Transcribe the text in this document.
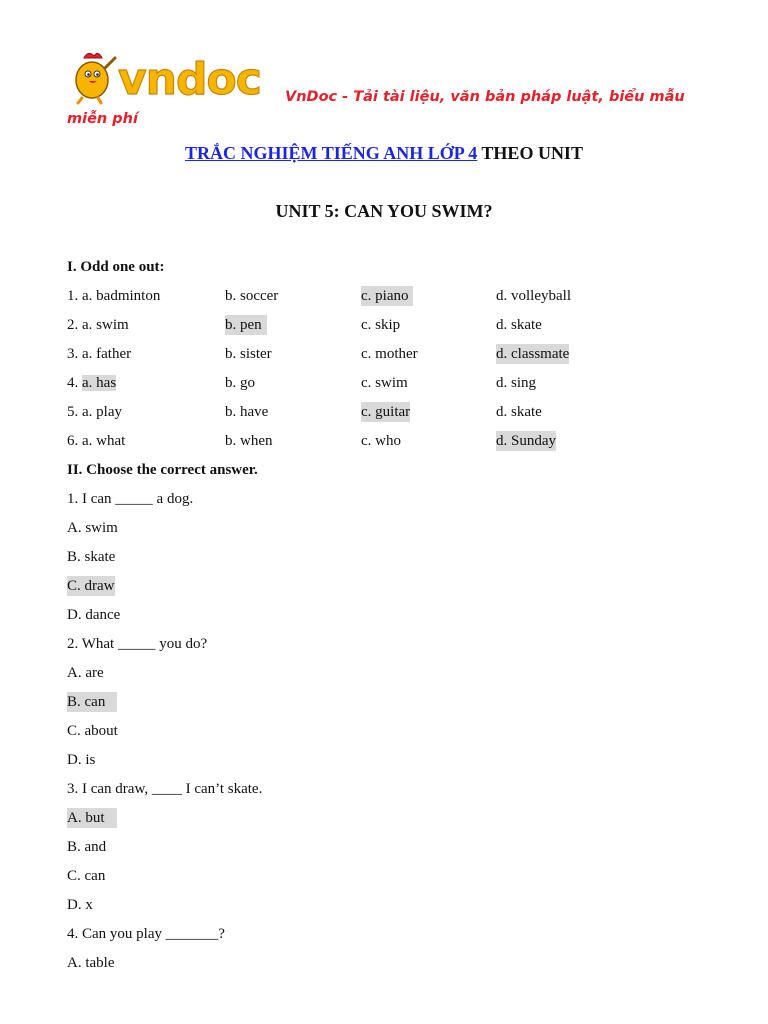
vndoc	VnDoc - Tải tài liệu, văn bản pháp luật, biểu mẫu miễn phí
TRẮC NGHIỆM TIẾNG ANH LỚP 4 THEO UNIT
UNIT 5: CAN YOU SWIM?
I. Odd one out:
1. a. badminton	b. soccer	c. piano	d. volleyball
2. a. swim	b. pen	c. skip	d. skate
3. a. father	b. sister	c. mother	d. classmate
4. a. has	b. go	c. swim	d. sing
5. a. play	b. have	c. guitar	d. skate
6. a. what	b. when	c. who	d. Sunday
II. Choose the correct answer.
1. I can _____ a dog.
A. swim
B. skate
C. draw
D. dance
2. What _____ you do?
A. are
B. can
C. about
D. is
3. I can draw, ____ I can’t skate.
A. but
B. and
C. can
D. x
4. Can you play _______?
A. table
